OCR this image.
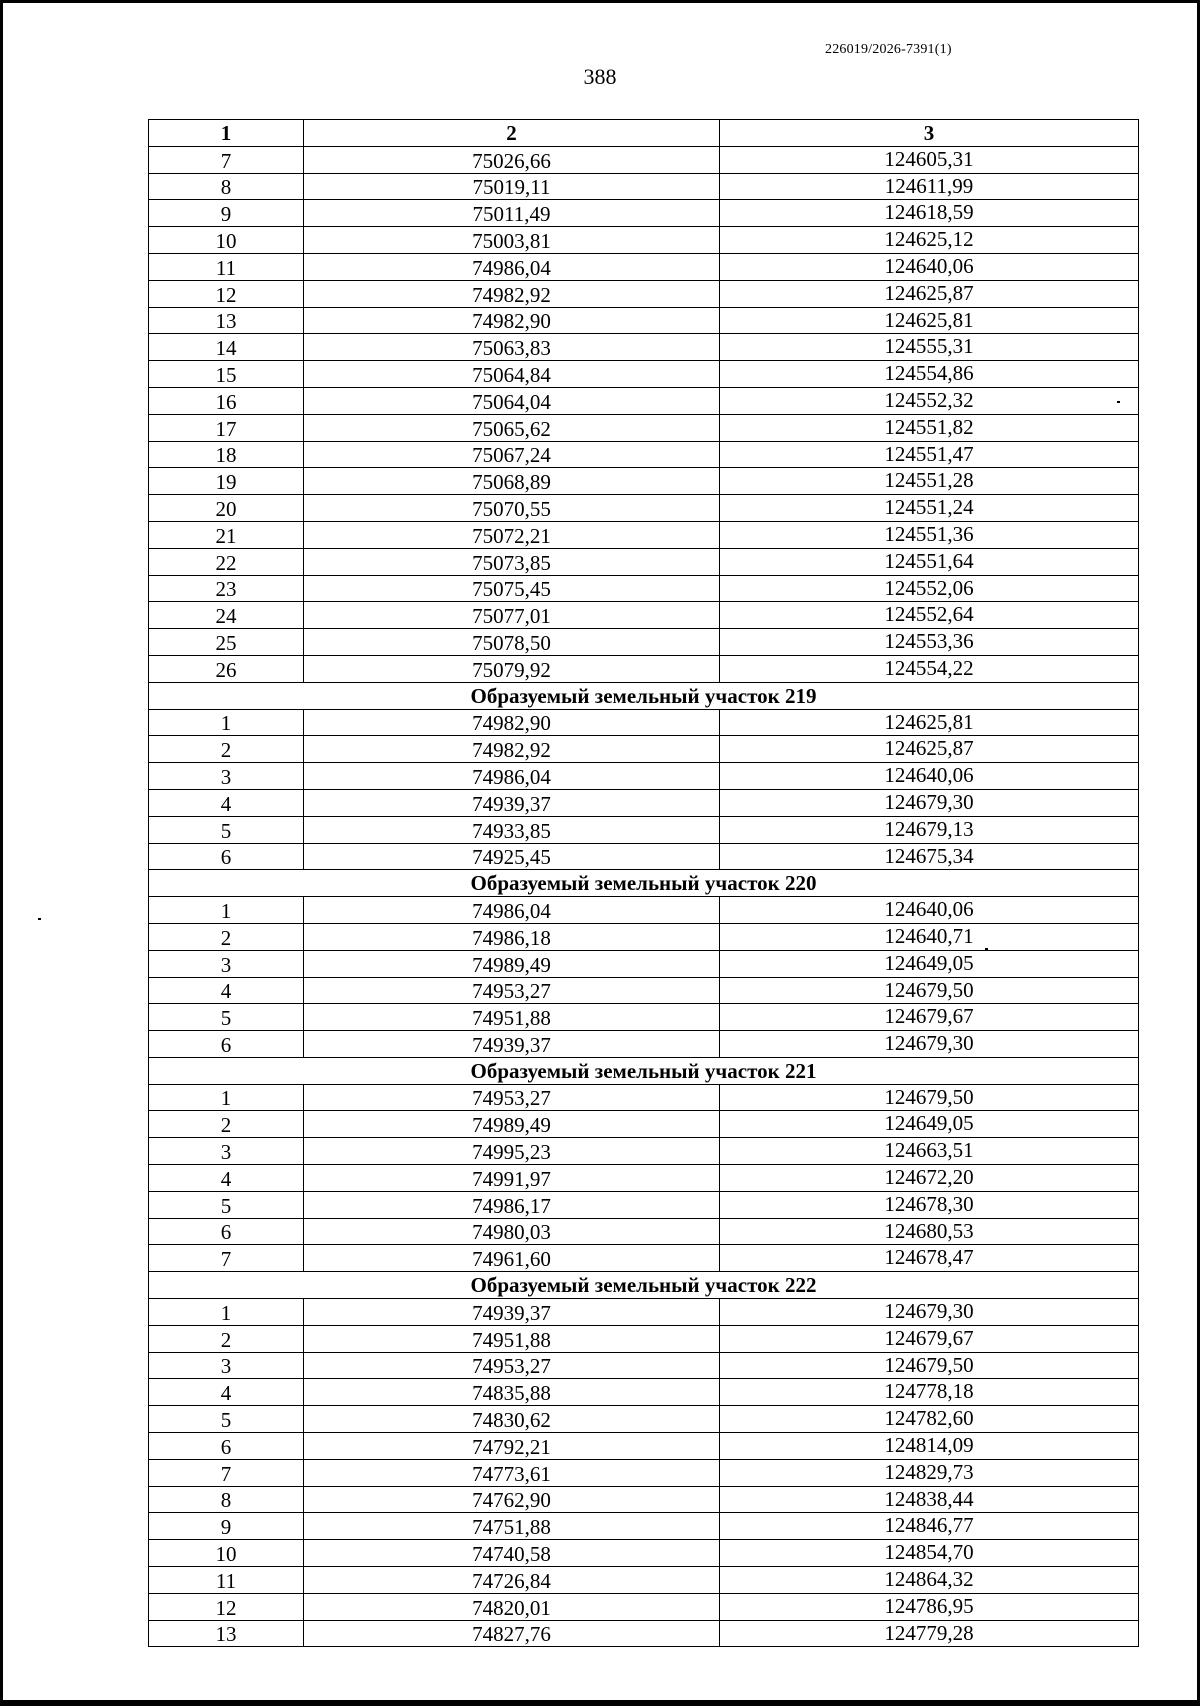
226019/2026-7391(1)
388
1	2	3
7	75026,66	124605,31
8	75019,11	124611,99
9	75011,49	124618,59
10	75003,81	124625,12
11	74986,04	124640,06
12	74982,92	124625,87
13	74982,90	124625,81
14	75063,83	124555,31
15	75064,84	124554,86
16	75064,04	124552,32
17	75065,62	124551,82
18	75067,24	124551,47
19	75068,89	124551,28
20	75070,55	124551,24
21	75072,21	124551,36
22	75073,85	124551,64
23	75075,45	124552,06
24	75077,01	124552,64
25	75078,50	124553,36
26	75079,92	124554,22
Образуемый земельный участок 219		
1	74982,90	124625,81
2	74982,92	124625,87
3	74986,04	124640,06
4	74939,37	124679,30
5	74933,85	124679,13
6	74925,45	124675,34
Образуемый земельный участок 220		
1	74986,04	124640,06
2	74986,18	124640,71
3	74989,49	124649,05
4	74953,27	124679,50
5	74951,88	124679,67
6	74939,37	124679,30
Образуемый земельный участок 221		
1	74953,27	124679,50
2	74989,49	124649,05
3	74995,23	124663,51
4	74991,97	124672,20
5	74986,17	124678,30
6	74980,03	124680,53
7	74961,60	124678,47
Образуемый земельный участок 222		
1	74939,37	124679,30
2	74951,88	124679,67
3	74953,27	124679,50
4	74835,88	124778,18
5	74830,62	124782,60
6	74792,21	124814,09
7	74773,61	124829,73
8	74762,90	124838,44
9	74751,88	124846,77
10	74740,58	124854,70
11	74726,84	124864,32
12	74820,01	124786,95
13	74827,76	124779,28
